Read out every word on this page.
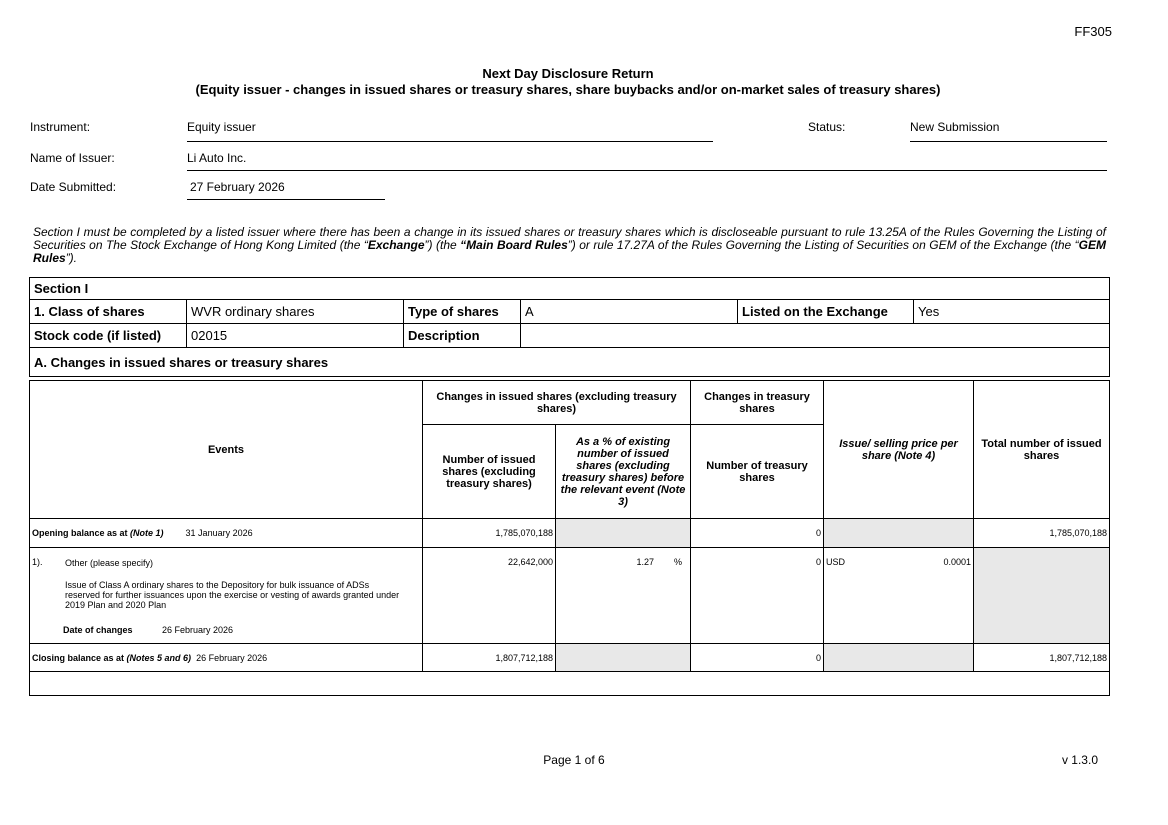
FF305
Next Day Disclosure Return
(Equity issuer - changes in issued shares or treasury shares, share buybacks and/or on-market sales of treasury shares)
Instrument:	Equity issuer	Status:	New Submission
Name of Issuer:	Li Auto Inc.
Date Submitted:	27 February 2026
Section I must be completed by a listed issuer where there has been a change in its issued shares or treasury shares which is discloseable pursuant to rule 13.25A of the Rules Governing the Listing of Securities on The Stock Exchange of Hong Kong Limited (the “Exchange”) (the “Main Board Rules”) or rule 17.27A of the Rules Governing the Listing of Securities on GEM of the Exchange (the “GEM Rules”).
Section I					
1. Class of shares	WVR ordinary shares	Type of shares	A	Listed on the Exchange	Yes
Stock code (if listed)	02015	Description			
A. Changes in issued shares or treasury shares					
Events	Changes in issued shares (excluding treasury shares)		Changes in treasury shares	Issue/ selling price per share (Note 4)	Total number of issued shares
	Number of issued shares (excluding treasury shares)	As a % of existing number of issued shares (excluding treasury shares) before the relevant event (Note 3)	Number of treasury shares		
Opening balance as at (Note 1) 31 January 2026	1,785,070,188		0		1,785,070,188

1). Other (please specify)
Issue of Class A ordinary shares to the Depository for bulk issuance of ADSs reserved for further issuances upon the exercise or vesting of awards granted under 2019 Plan and 2020 Plan
Date of changes 26 February 2026	22,642,000	1.27 %	0	USD 0.0001	

Closing balance as at (Notes 5 and 6) 26 February 2026	1,807,712,188		0		1,807,712,188

Page 1 of 6	v 1.3.0
